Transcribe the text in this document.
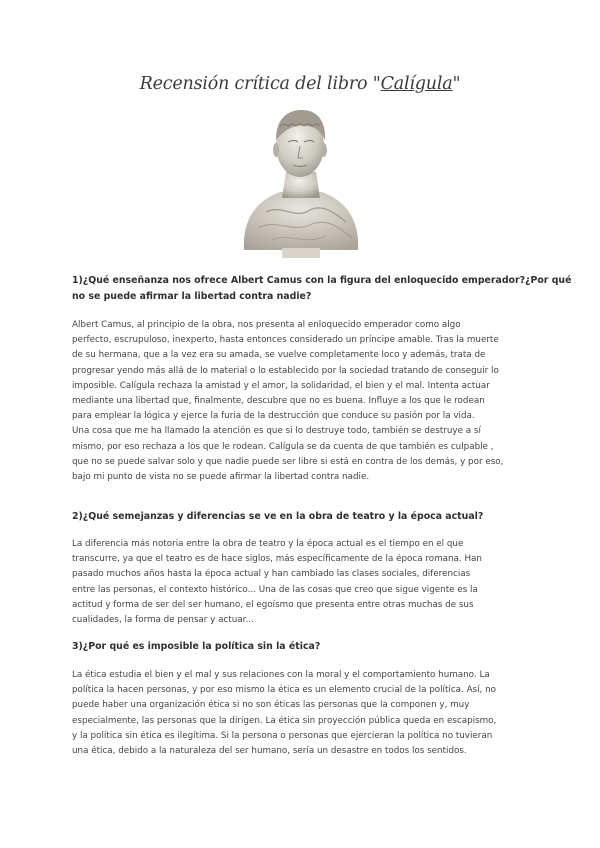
Recensión crítica del libro "Calígula"

1)¿Qué enseñanza nos ofrece Albert Camus con la figura del enloquecido emperador?¿Por qué
no se puede afirmar la libertad contra nadie?

Albert Camus, al principio de la obra, nos presenta al enloquecido emperador como algo
perfecto, escrupuloso, inexperto, hasta entonces considerado un príncipe amable. Tras la muerte
de su hermana, que a la vez era su amada, se vuelve completamente loco y además, trata de
progresar yendo más allá de lo material o lo establecido por la sociedad tratando de conseguir lo
imposible. Calígula rechaza la amistad y el amor, la solidaridad, el bien y el mal. Intenta actuar
mediante una libertad que, finalmente, descubre que no es buena. Influye a los que le rodean
para emplear la lógica y ejerce la furia de la destrucción que conduce su pasión por la vida.
Una cosa que me ha llamado la atención es que si lo destruye todo, también se destruye a sí
mismo, por eso rechaza a los que le rodean. Calígula se da cuenta de que también es culpable ,
que no se puede salvar solo y que nadie puede ser libre si está en contra de los demás, y por eso,
bajo mi punto de vista no se puede afirmar la libertad contra nadie.

2)¿Qué semejanzas y diferencias se ve en la obra de teatro y la época actual?

La diferencia más notoria entre la obra de teatro y la época actual es el tiempo en el que
transcurre, ya que el teatro es de hace siglos, más específicamente de la época romana. Han
pasado muchos años hasta la época actual y han cambiado las clases sociales, diferencias
entre las personas, el contexto histórico... Una de las cosas que creo que sigue vigente es la
actitud y forma de ser del ser humano, el egoísmo que presenta entre otras muchas de sus
cualidades, la forma de pensar y actuar...

3)¿Por qué es imposible la política sin la ética?

La ética estudia el bien y el mal y sus relaciones con la moral y el comportamiento humano. La
política la hacen personas, y por eso mismo la ética es un elemento crucial de la política. Así, no
puede haber una organización ética si no son éticas las personas que la componen y, muy
especialmente, las personas que la dirigen. La ética sin proyección pública queda en escapismo,
y la política sin ética es ilegítima. Si la persona o personas que ejercieran la política no tuvieran
una ética, debido a la naturaleza del ser humano, sería un desastre en todos los sentidos.
